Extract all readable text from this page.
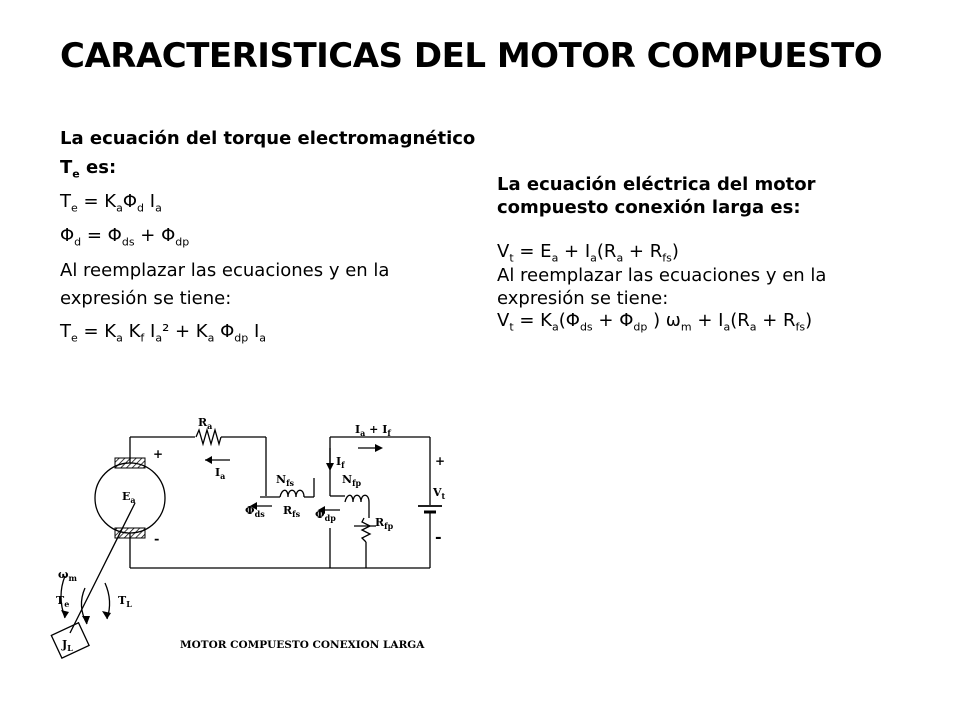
CARACTERISTICAS DEL MOTOR COMPUESTO
La ecuación del torque electromagnético
$T_e$ es:
$T_e = K_a\Phi_d$ $I_a$
$\Phi_d = \Phi_{ds} + \Phi_{dp}$
Al reemplazar las ecuaciones y en la
expresión se tiene:
$T_e = K_a$ $K_f$ $I_a^2 + K_a$ $\Phi_{dp}$ $I_a$
La ecuación eléctrica del motor
compuesto conexión larga es:
$V_t = E_a + I_a(R_a + R_{fs})$
Al reemplazar las ecuaciones y en la
expresión se tiene:
$V_t = K_a(\Phi_{ds} + \Phi_{dp}$ ) $\omega_m + I_a(R_a + R_{fs})$
$R_a$
$I_a$
$E_a$
$N_{fs}$
$R_{fs}$
$\Phi_{ds}$	$\Phi_{dp}$
$N_{fp}$
$R_{fp}$
$I_f$
$I_a + I_f$
$V_t$
$\omega_m$
$T_e$	$T_L$
$J_L$
+
-
+
-
MOTOR COMPUESTO CONEXION LARGA
